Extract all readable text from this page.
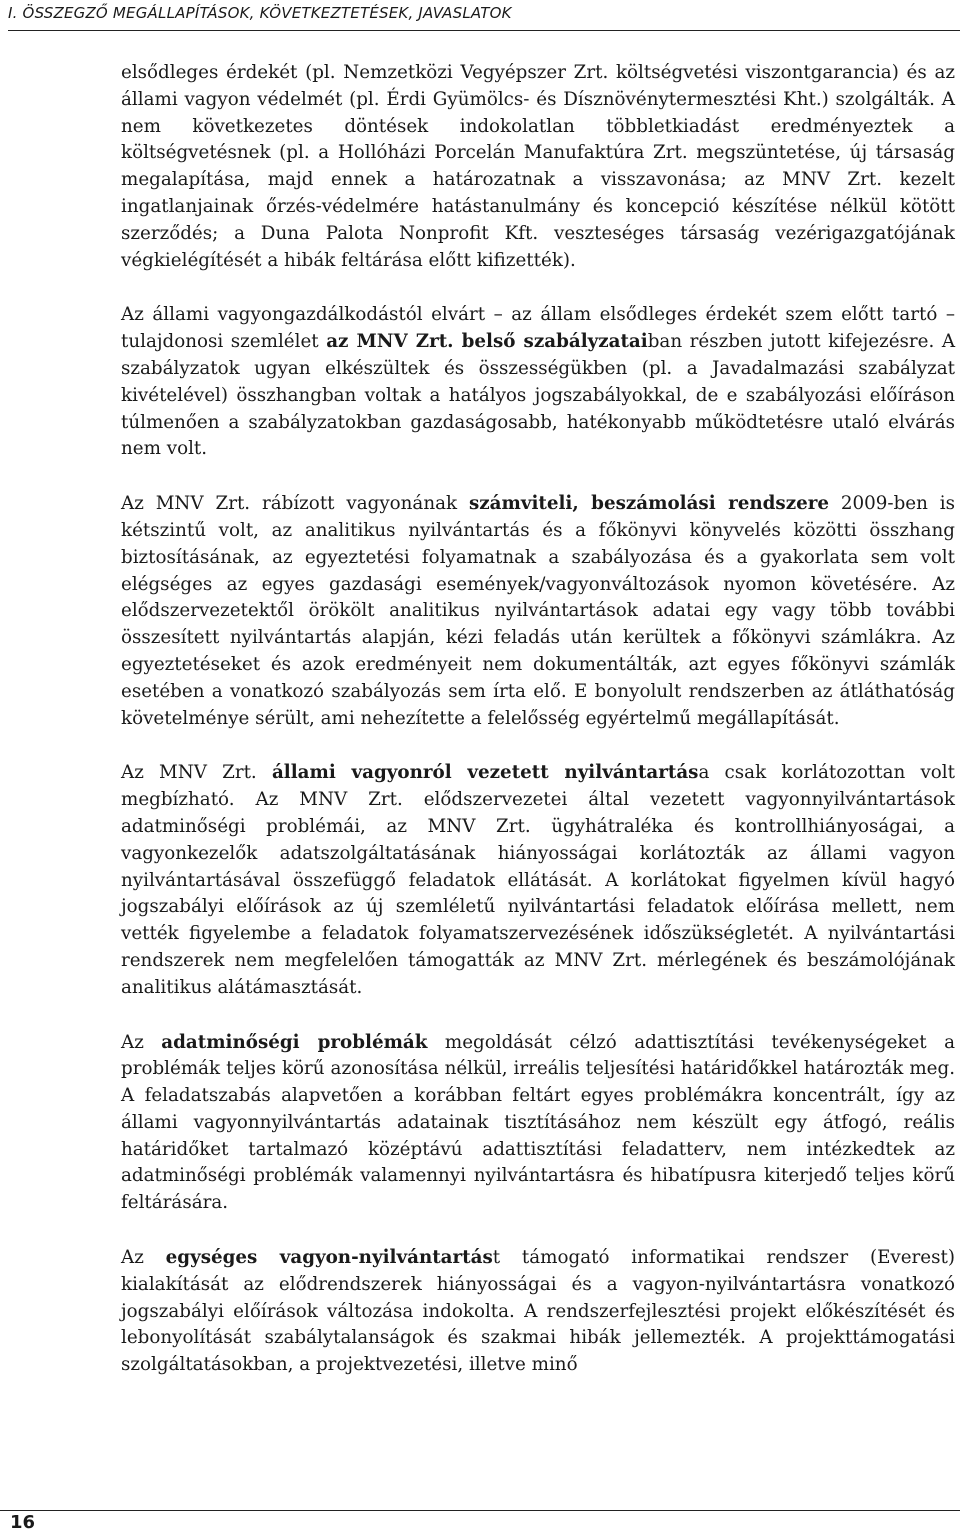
I. ÖSSZEGZŐ MEGÁLLAPÍTÁSOK, KÖVETKEZTETÉSEK, JAVASLATOK

elsődleges érdekét (pl. Nemzetközi Vegyépszer Zrt. költségvetési viszontgarancia) és az állami vagyon védelmét (pl. Érdi Gyümölcs- és Dísznövénytermesztési Kht.) szolgálták. A nem következetes döntések indokolatlan többletkiadást eredményeztek a költségvetésnek (pl. a Hollóházi Porcelán Manufaktúra Zrt. megszüntetése, új társaság megalapítása, majd ennek a határozatnak a visszavonása; az MNV Zrt. kezelt ingatlanjainak őrzés-védelmére hatástanulmány és koncepció készítése nélkül kötött szerződés; a Duna Palota Nonprofit Kft. veszteséges társaság vezérigazgatójának végkielégítését a hibák feltárása előtt kifizették).

Az állami vagyongazdálkodástól elvárt – az állam elsődleges érdekét szem előtt tartó – tulajdonosi szemlélet az MNV Zrt. belső szabályzataiban részben jutott kifejezésre. A szabályzatok ugyan elkészültek és összességükben (pl. a Javadalmazási szabályzat kivételével) összhangban voltak a hatályos jogszabályokkal, de e szabályozási előíráson túlmenően a szabályzatokban gazdaságosabb, hatékonyabb működtetésre utaló elvárás nem volt.

Az MNV Zrt. rábízott vagyonának számviteli, beszámolási rendszere 2009-ben is kétszintű volt, az analitikus nyilvántartás és a főkönyvi könyvelés közötti összhang biztosításának, az egyeztetési folyamatnak a szabályozása és a gyakorlata sem volt elégséges az egyes gazdasági események/vagyonváltozások nyomon követésére. Az elődszervezetektől örökölt analitikus nyilvántartások adatai egy vagy több további összesített nyilvántartás alapján, kézi feladás után kerültek a főkönyvi számlákra. Az egyeztetéseket és azok eredményeit nem dokumentálták, azt egyes főkönyvi számlák esetében a vonatkozó szabályozás sem írta elő. E bonyolult rendszerben az átláthatóság követelménye sérült, ami nehezítette a felelősség egyértelmű megállapítását.

Az MNV Zrt. állami vagyonról vezetett nyilvántartása csak korlátozottan volt megbízható. Az MNV Zrt. elődszervezetei által vezetett vagyonnyilvántartások adatminőségi problémái, az MNV Zrt. ügyhátraléka és kontrollhiányoságai, a vagyonkezelők adatszolgáltatásának hiányosságai korlátozták az állami vagyon nyilvántartásával összefüggő feladatok ellátását. A korlátokat figyelmen kívül hagyó jogszabályi előírások az új szemléletű nyilvántartási feladatok előírása mellett, nem vették figyelembe a feladatok folyamatszervezésének időszükségletét. A nyilvántartási rendszerek nem megfelelően támogatták az MNV Zrt. mérlegének és beszámolójának analitikus alátámasztását.

Az adatminőségi problémák megoldását célzó adattisztítási tevékenységeket a problémák teljes körű azonosítása nélkül, irreális teljesítési határidőkkel határozták meg. A feladatszabás alapvetően a korábban feltárt egyes problémákra koncentrált, így az állami vagyonnyilvántartás adatainak tisztításához nem készült egy átfogó, reális határidőket tartalmazó középtávú adattisztítási feladatterv, nem intézkedtek az adatminőségi problémák valamennyi nyilvántartásra és hibatípusra kiterjedő teljes körű feltárására.

Az egységes vagyon-nyilvántartást támogató informatikai rendszer (Everest) kialakítását az elődrendszerek hiányosságai és a vagyon-nyilvántartásra vonatkozó jogszabályi előírások változása indokolta. A rendszerfejlesztési projekt előkészítését és lebonyolítását szabálytalanságok és szakmai hibák jellemezték. A projekttámogatási szolgáltatásokban, a projektvezetési, illetve minő

16
